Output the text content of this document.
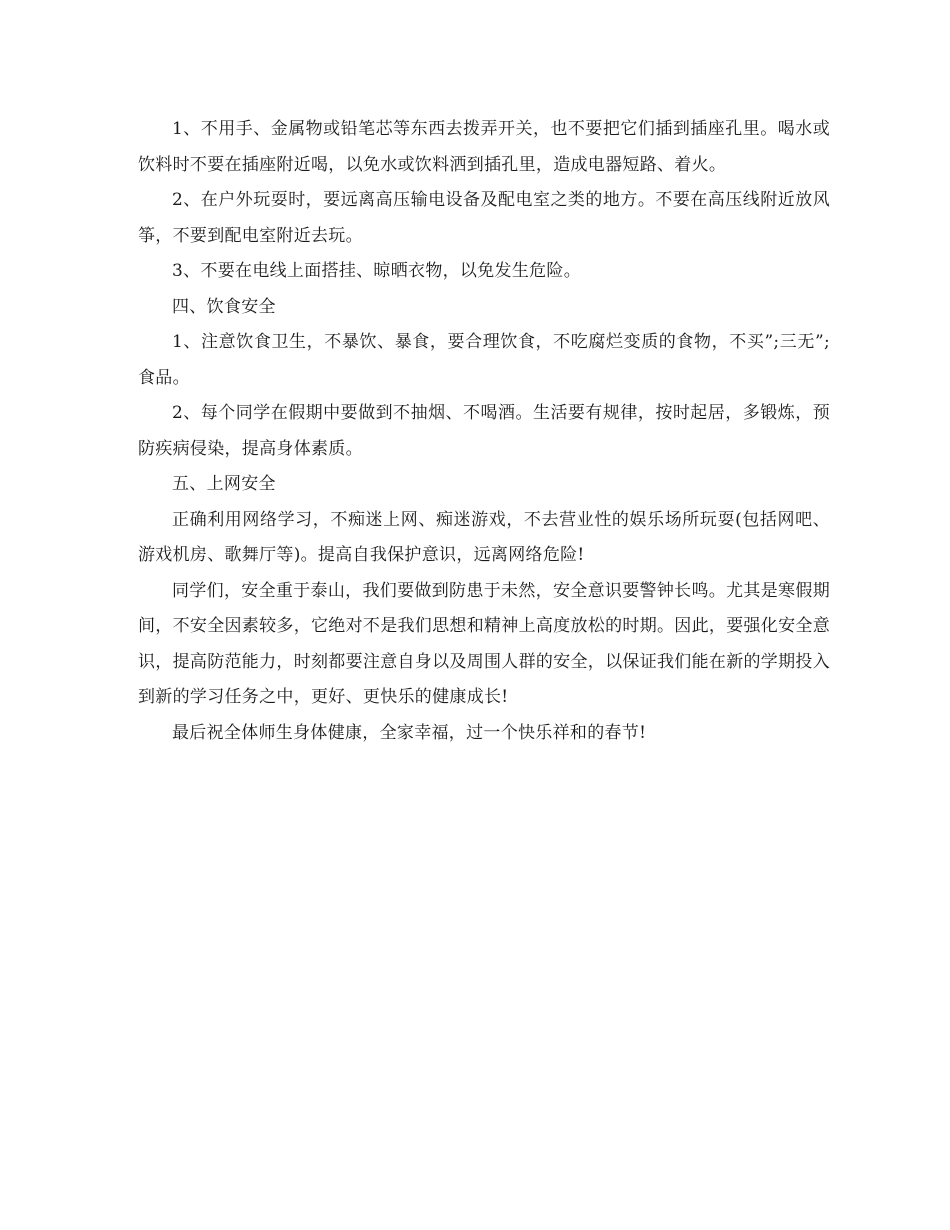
1、不用手、金属物或铅笔芯等东西去拨弄开关，也不要把它们插到插座孔里。喝水或饮料时不要在插座附近喝，以免水或饮料洒到插孔里，造成电器短路、着火。

2、在户外玩耍时，要远离高压输电设备及配电室之类的地方。不要在高压线附近放风筝，不要到配电室附近去玩。

3、不要在电线上面搭挂、晾晒衣物，以免发生危险。

四、饮食安全

1、注意饮食卫生，不暴饮、暴食，要合理饮食，不吃腐烂变质的食物，不买”;三无”;食品。

2、每个同学在假期中要做到不抽烟、不喝酒。生活要有规律，按时起居，多锻炼，预防疾病侵染，提高身体素质。

五、上网安全

正确利用网络学习，不痴迷上网、痴迷游戏，不去营业性的娱乐场所玩耍(包括网吧、游戏机房、歌舞厅等)。提高自我保护意识，远离网络危险!

同学们，安全重于泰山，我们要做到防患于未然，安全意识要警钟长鸣。尤其是寒假期间，不安全因素较多，它绝对不是我们思想和精神上高度放松的时期。因此，要强化安全意识，提高防范能力，时刻都要注意自身以及周围人群的安全，以保证我们能在新的学期投入到新的学习任务之中，更好、更快乐的健康成长!

最后祝全体师生身体健康，全家幸福，过一个快乐祥和的春节!
